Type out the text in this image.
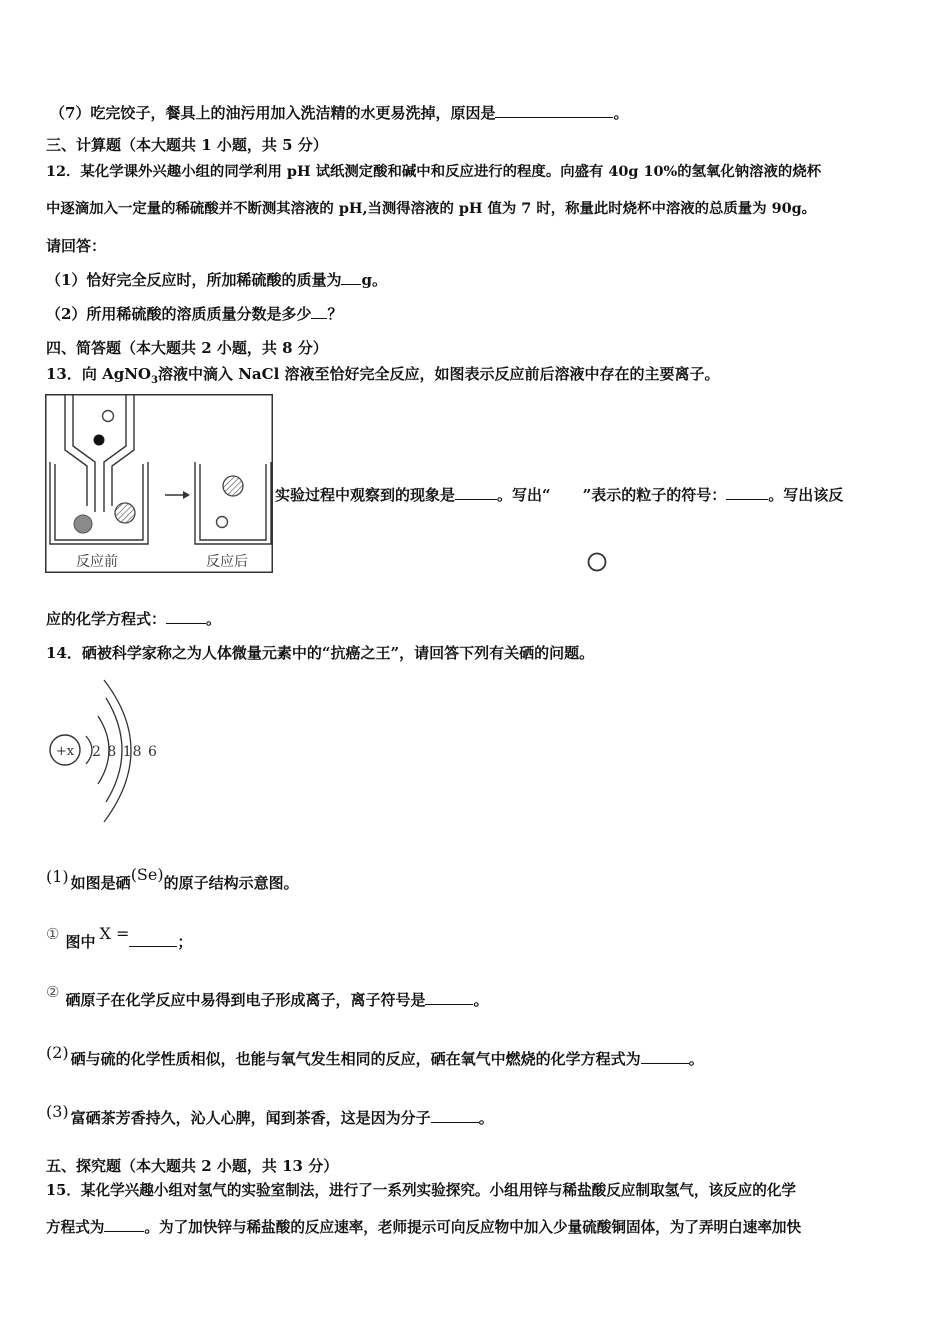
（7）吃完饺子，餐具上的油污用加入洗洁精的水更易洗掉，原因是	。
三、计算题（本大题共 1 小题，共 5 分）
12．某化学课外兴趣小组的同学利用 pH 试纸测定酸和碱中和反应进行的程度。向盛有 40g 10%的氢氧化钠溶液的烧杯
中逐滴加入一定量的稀硫酸并不断测其溶液的 pH,当测得溶液的 pH 值为 7 时，称量此时烧杯中溶液的总质量为 90g。
请回答：
（1）恰好完全反应时，所加稀硫酸的质量为 g。
（2）所用稀硫酸的溶质质量分数是多少 ？
四、简答题（本大题共 2 小题，共 8 分）
13．向 AgNO$_3$溶液中滴入 NaCl 溶液至恰好完全反应，如图表示反应前后溶液中存在的主要离子。
反应前	反应后
实验过程中观察到的现象是	。写出“ ”表示的粒子的符号：	。写出该反
应的化学方程式：	。
14．硒被科学家称之为人体微量元素中的“抗癌之王”，请回答下列有关硒的问题。
+x 2 8 18 6
(1) 如图是硒(Se)的原子结构示意图。
① 图中 X =	；
② 硒原子在化学反应中易得到电子形成离子，离子符号是	。
(2) 硒与硫的化学性质相似，也能与氧气发生相同的反应，硒在氧气中燃烧的化学方程式为	。
(3) 富硒茶芳香持久，沁人心脾，闻到茶香，这是因为分子	。
五、探究题（本大题共 2 小题，共 13 分）
15．某化学兴趣小组对氢气的实验室制法，进行了一系列实验探究。小组用锌与稀盐酸反应制取氢气，该反应的化学
方程式为	。为了加快锌与稀盐酸的反应速率，老师提示可向反应物中加入少量硫酸铜固体，为了弄明白速率加快
